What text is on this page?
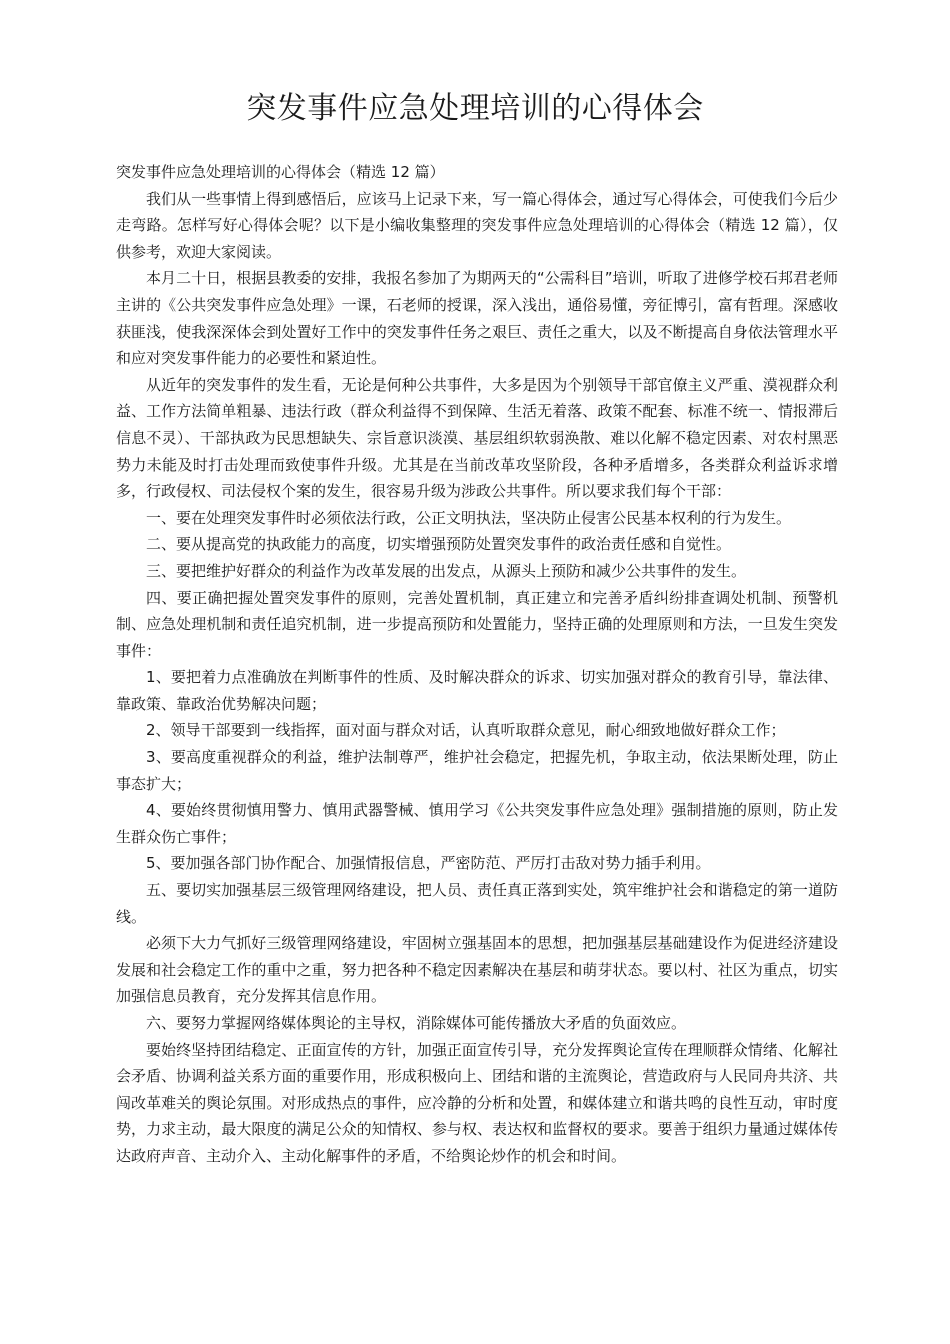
突发事件应急处理培训的心得体会

突发事件应急处理培训的心得体会（精选 12 篇）

我们从一些事情上得到感悟后，应该马上记录下来，写一篇心得体会，通过写心得体会，可使我们今后少走弯路。怎样写好心得体会呢？以下是小编收集整理的突发事件应急处理培训的心得体会（精选 12 篇），仅供参考，欢迎大家阅读。

本月二十日，根据县教委的安排，我报名参加了为期两天的“公需科目”培训，听取了进修学校石邦君老师主讲的《公共突发事件应急处理》一课，石老师的授课，深入浅出，通俗易懂，旁征博引，富有哲理。深感收获匪浅，使我深深体会到处置好工作中的突发事件任务之艰巨、责任之重大，以及不断提高自身依法管理水平和应对突发事件能力的必要性和紧迫性。

从近年的突发事件的发生看，无论是何种公共事件，大多是因为个别领导干部官僚主义严重、漠视群众利益、工作方法简单粗暴、违法行政（群众利益得不到保障、生活无着落、政策不配套、标准不统一、情报滞后信息不灵）、干部执政为民思想缺失、宗旨意识淡漠、基层组织软弱涣散、难以化解不稳定因素、对农村黑恶势力未能及时打击处理而致使事件升级。尤其是在当前改革攻坚阶段，各种矛盾增多，各类群众利益诉求增多，行政侵权、司法侵权个案的发生，很容易升级为涉政公共事件。所以要求我们每个干部：

一、要在处理突发事件时必须依法行政，公正文明执法，坚决防止侵害公民基本权利的行为发生。

二、要从提高党的执政能力的高度，切实增强预防处置突发事件的政治责任感和自觉性。

三、要把维护好群众的利益作为改革发展的出发点，从源头上预防和减少公共事件的发生。

四、要正确把握处置突发事件的原则，完善处置机制，真正建立和完善矛盾纠纷排查调处机制、预警机制、应急处理机制和责任追究机制，进一步提高预防和处置能力，坚持正确的处理原则和方法，一旦发生突发事件：

1、要把着力点准确放在判断事件的性质、及时解决群众的诉求、切实加强对群众的教育引导，靠法律、靠政策、靠政治优势解决问题；

2、领导干部要到一线指挥，面对面与群众对话，认真听取群众意见，耐心细致地做好群众工作；

3、要高度重视群众的利益，维护法制尊严，维护社会稳定，把握先机，争取主动，依法果断处理，防止事态扩大；

4、要始终贯彻慎用警力、慎用武器警械、慎用学习《公共突发事件应急处理》强制措施的原则，防止发生群众伤亡事件；

5、要加强各部门协作配合、加强情报信息，严密防范、严厉打击敌对势力插手利用。

五、要切实加强基层三级管理网络建设，把人员、责任真正落到实处，筑牢维护社会和谐稳定的第一道防线。

必须下大力气抓好三级管理网络建设，牢固树立强基固本的思想，把加强基层基础建设作为促进经济建设发展和社会稳定工作的重中之重，努力把各种不稳定因素解决在基层和萌芽状态。要以村、社区为重点，切实加强信息员教育，充分发挥其信息作用。

六、要努力掌握网络媒体舆论的主导权，消除媒体可能传播放大矛盾的负面效应。

要始终坚持团结稳定、正面宣传的方针，加强正面宣传引导，充分发挥舆论宣传在理顺群众情绪、化解社会矛盾、协调利益关系方面的重要作用，形成积极向上、团结和谐的主流舆论，营造政府与人民同舟共济、共闯改革难关的舆论氛围。对形成热点的事件，应冷静的分析和处置，和媒体建立和谐共鸣的良性互动，审时度势，力求主动，最大限度的满足公众的知情权、参与权、表达权和监督权的要求。要善于组织力量通过媒体传达政府声音、主动介入、主动化解事件的矛盾，不给舆论炒作的机会和时间。
